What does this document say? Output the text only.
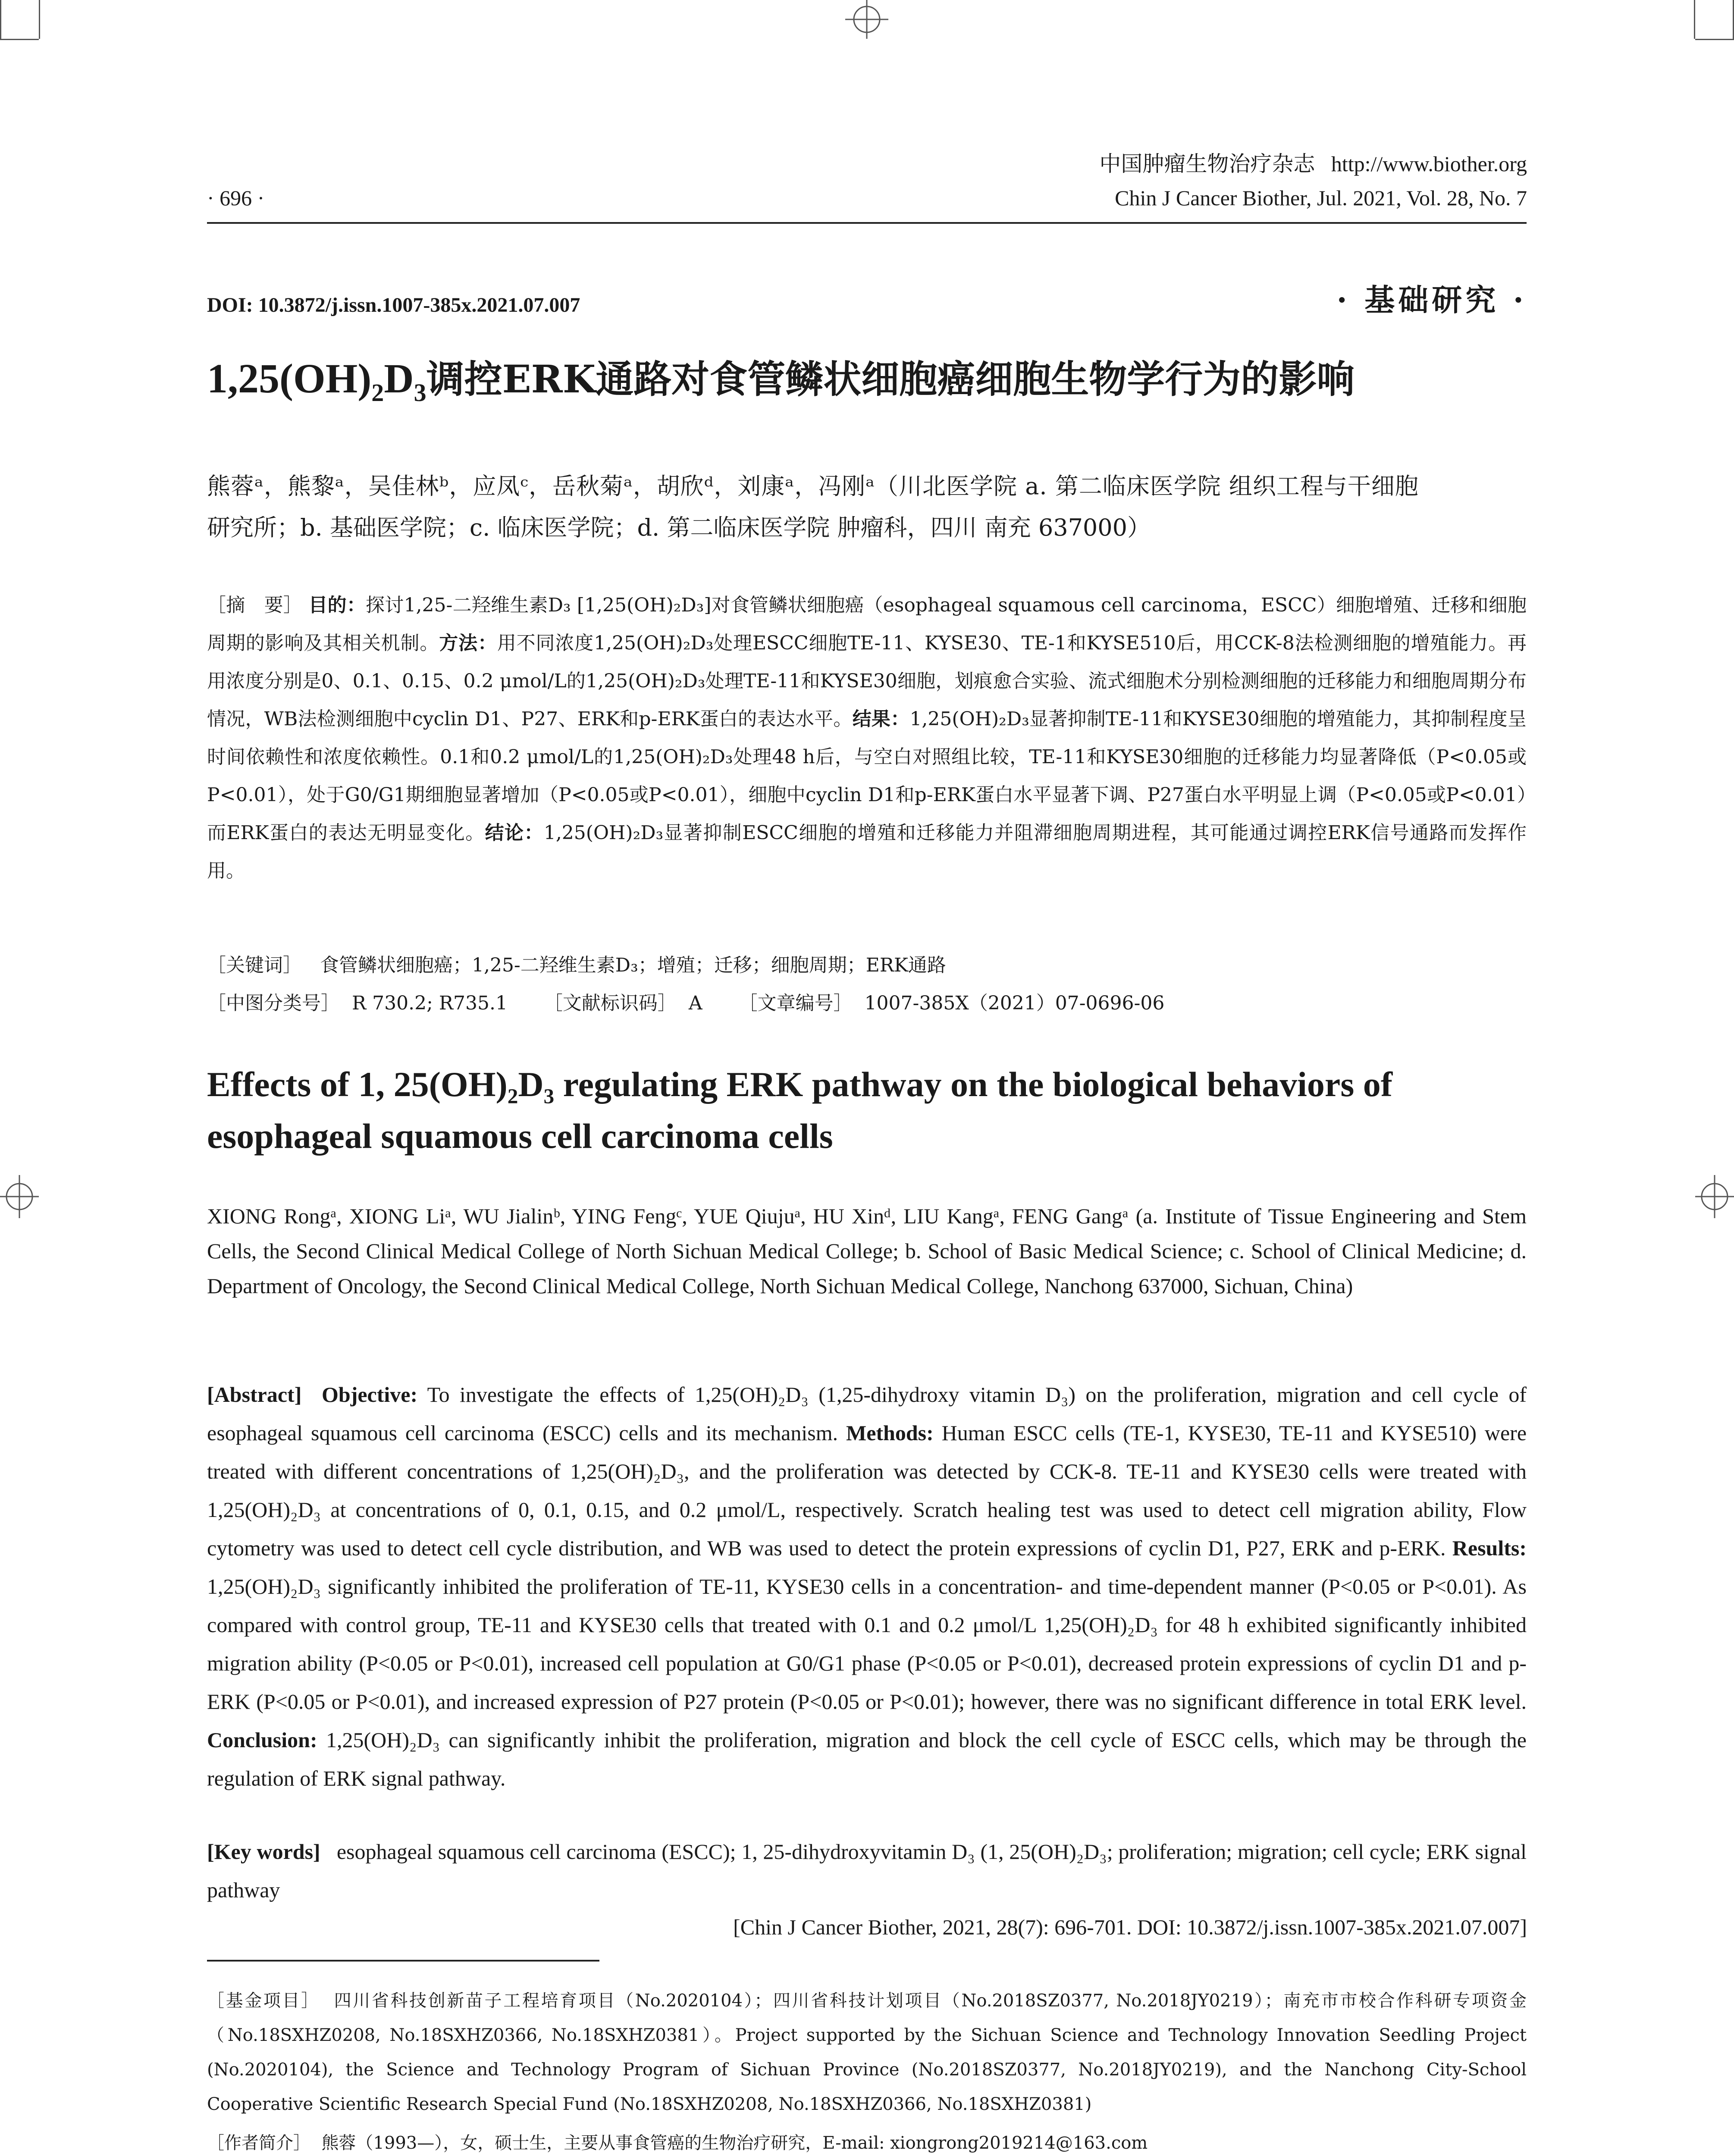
中国肿瘤生物治疗杂志 http://www.biother.org
· 696 ·	Chin J Cancer Biother, Jul. 2021, Vol. 28, No. 7
DOI: 10.3872/j.issn.1007-385x.2021.07.007	· 基础研究 ·
$1,25(OH)_2D_3$调控ERK通路对食管鳞状细胞癌细胞生物学行为的影响
熊蓉ᵃ，熊黎ᵃ，吴佳林ᵇ，应凤ᶜ，岳秋菊ᵃ，胡欣ᵈ，刘康ᵃ，冯刚ᵃ（川北医学院 a. 第二临床医学院 组织工程与干细胞
研究所；b. 基础医学院；c. 临床医学院；d. 第二临床医学院 肿瘤科，四川 南充 637000）
［摘　要］ 目的：探讨1,25-二羟维生素D₃ [1,25(OH)₂D₃]对食管鳞状细胞癌（esophageal squamous cell carcinoma，ESCC）细胞增殖、迁移和细胞周期的影响及其相关机制。方法：用不同浓度1,25(OH)₂D₃处理ESCC细胞TE-11、KYSE30、TE-1和KYSE510后，用CCK-8法检测细胞的增殖能力。再用浓度分别是0、0.1、0.15、0.2 μmol/L的1,25(OH)₂D₃处理TE-11和KYSE30细胞，划痕愈合实验、流式细胞术分别检测细胞的迁移能力和细胞周期分布情况，WB法检测细胞中cyclin D1、P27、ERK和p-ERK蛋白的表达水平。结果：1,25(OH)₂D₃显著抑制TE-11和KYSE30细胞的增殖能力，其抑制程度呈时间依赖性和浓度依赖性。0.1和0.2 μmol/L的1,25(OH)₂D₃处理48 h后，与空白对照组比较，TE-11和KYSE30细胞的迁移能力均显著降低（P<0.05或P<0.01），处于G0/G1期细胞显著增加（P<0.05或P<0.01），细胞中cyclin D1和p-ERK蛋白水平显著下调、P27蛋白水平明显上调（P<0.05或P<0.01）而ERK蛋白的表达无明显变化。结论：1,25(OH)₂D₃显著抑制ESCC细胞的增殖和迁移能力并阻滞细胞周期进程，其可能通过调控ERK信号通路而发挥作用。
［关键词］ 食管鳞状细胞癌；1,25-二羟维生素D₃；增殖；迁移；细胞周期；ERK通路
［中图分类号］ R 730.2; R735.1 ［文献标识码］ A ［文章编号］ 1007-385X（2021）07-0696-06
Effects of 1, 25(OH)₂D₃ regulating ERK pathway on the biological behaviors of
esophageal squamous cell carcinoma cells

XIONG Rongᵃ, XIONG Liᵃ, WU Jialinᵇ, YING Fengᶜ, YUE Qiujuᵃ, HU Xinᵈ, LIU Kangᵃ, FENG Gangᵃ (a. Institute of Tissue Engineering and Stem Cells, the Second Clinical Medical College of North Sichuan Medical College; b. School of Basic Medical Science; c. School of Clinical Medicine; d. Department of Oncology, the Second Clinical Medical College, North Sichuan Medical College, Nanchong 637000, Sichuan, China)

[Abstract] Objective: To investigate the effects of 1,25(OH)₂D₃ (1,25-dihydroxy vitamin D₃) on the proliferation, migration and cell cycle of esophageal squamous cell carcinoma (ESCC) cells and its mechanism. Methods: Human ESCC cells (TE-1, KYSE30, TE-11 and KYSE510) were treated with different concentrations of 1,25(OH)₂D₃, and the proliferation was detected by CCK-8. TE-11 and KYSE30 cells were treated with 1,25(OH)₂D₃ at concentrations of 0, 0.1, 0.15, and 0.2 μmol/L, respectively. Scratch healing test was used to detect cell migration ability, Flow cytometry was used to detect cell cycle distribution, and WB was used to detect the protein expressions of cyclin D1, P27, ERK and p-ERK. Results: 1,25(OH)₂D₃ significantly inhibited the proliferation of TE-11, KYSE30 cells in a concentration- and time-dependent manner (P<0.05 or P<0.01). As compared with control group, TE-11 and KYSE30 cells that treated with 0.1 and 0.2 μmol/L 1,25(OH)₂D₃ for 48 h exhibited significantly inhibited migration ability (P<0.05 or P<0.01), increased cell population at G0/G1 phase (P<0.05 or P<0.01), decreased protein expressions of cyclin D1 and p-ERK (P<0.05 or P<0.01), and increased expression of P27 protein (P<0.05 or P<0.01); however, there was no significant difference in total ERK level. Conclusion: 1,25(OH)₂D₃ can significantly inhibit the proliferation, migration and block the cell cycle of ESCC cells, which may be through the regulation of ERK signal pathway.

[Key words] esophageal squamous cell carcinoma (ESCC); 1, 25-dihydroxyvitamin D₃ (1, 25(OH)₂D₃; proliferation; migration; cell cycle; ERK signal pathway

[Chin J Cancer Biother, 2021, 28(7): 696-701. DOI: 10.3872/j.issn.1007-385x.2021.07.007]

［基金项目］ 四川省科技创新苗子工程培育项目（No.2020104）；四川省科技计划项目（No.2018SZ0377, No.2018JY0219）；南充市市校合作科研专项资金（No.18SXHZ0208, No.18SXHZ0366, No.18SXHZ0381）。Project supported by the Sichuan Science and Technology Innovation Seedling Project (No.2020104), the Science and Technology Program of Sichuan Province (No.2018SZ0377, No.2018JY0219), and the Nanchong City-School Cooperative Scientific Research Special Fund (No.18SXHZ0208, No.18SXHZ0366, No.18SXHZ0381)

［作者简介］ 熊蓉（1993—），女，硕士生，主要从事食管癌的生物治疗研究，E-mail: xiongrong2019214@163.com
